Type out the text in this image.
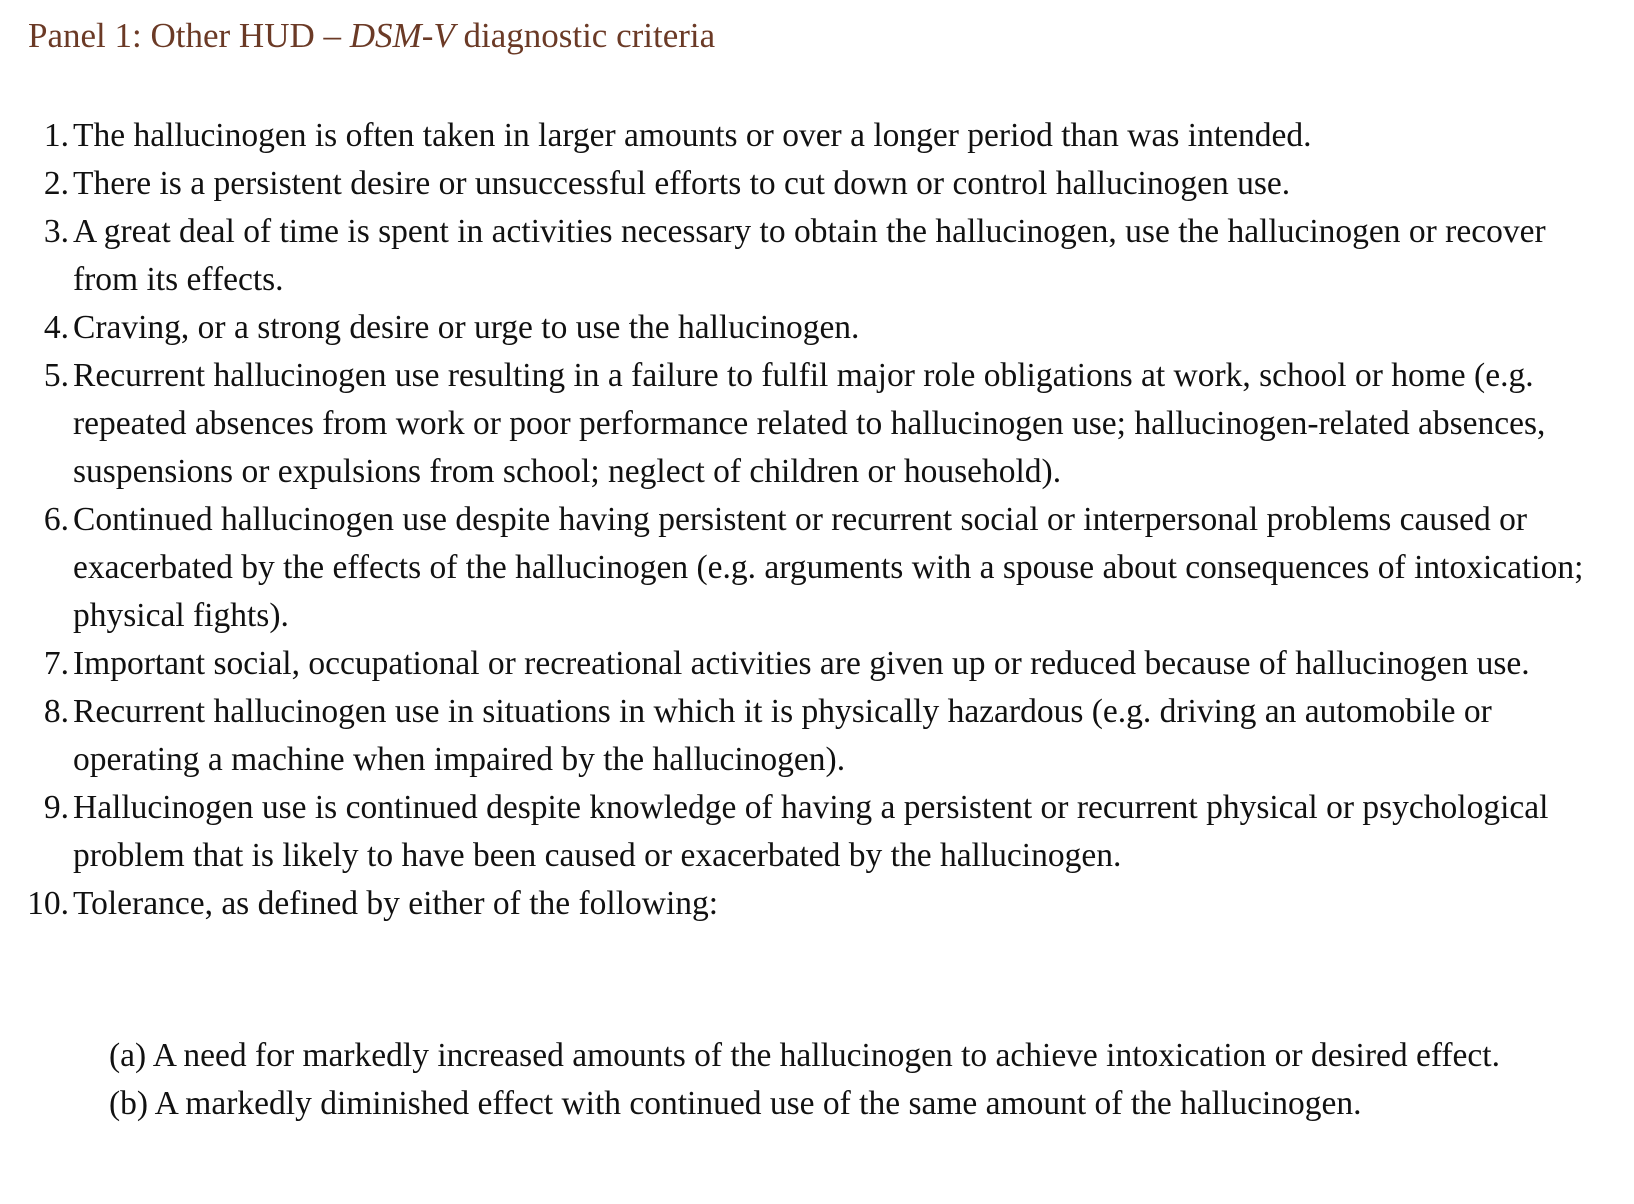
Panel 1: Other HUD – DSM-V diagnostic criteria
1. The hallucinogen is often taken in larger amounts or over a longer period than was intended.
2. There is a persistent desire or unsuccessful efforts to cut down or control hallucinogen use.
3. A great deal of time is spent in activities necessary to obtain the hallucinogen, use the hallucinogen or recover from its effects.
4. Craving, or a strong desire or urge to use the hallucinogen.
5. Recurrent hallucinogen use resulting in a failure to fulfil major role obligations at work, school or home (e.g. repeated absences from work or poor performance related to hallucinogen use; hallucinogen-related absences, suspensions or expulsions from school; neglect of children or household).
6. Continued hallucinogen use despite having persistent or recurrent social or interpersonal problems caused or exacerbated by the effects of the hallucinogen (e.g. arguments with a spouse about consequences of intoxication; physical fights).
7. Important social, occupational or recreational activities are given up or reduced because of hallucinogen use.
8. Recurrent hallucinogen use in situations in which it is physically hazardous (e.g. driving an automobile or operating a machine when impaired by the hallucinogen).
9. Hallucinogen use is continued despite knowledge of having a persistent or recurrent physical or psychological problem that is likely to have been caused or exacerbated by the hallucinogen.
10. Tolerance, as defined by either of the following:

(a) A need for markedly increased amounts of the hallucinogen to achieve intoxication or desired effect.

(b) A markedly diminished effect with continued use of the same amount of the hallucinogen.
